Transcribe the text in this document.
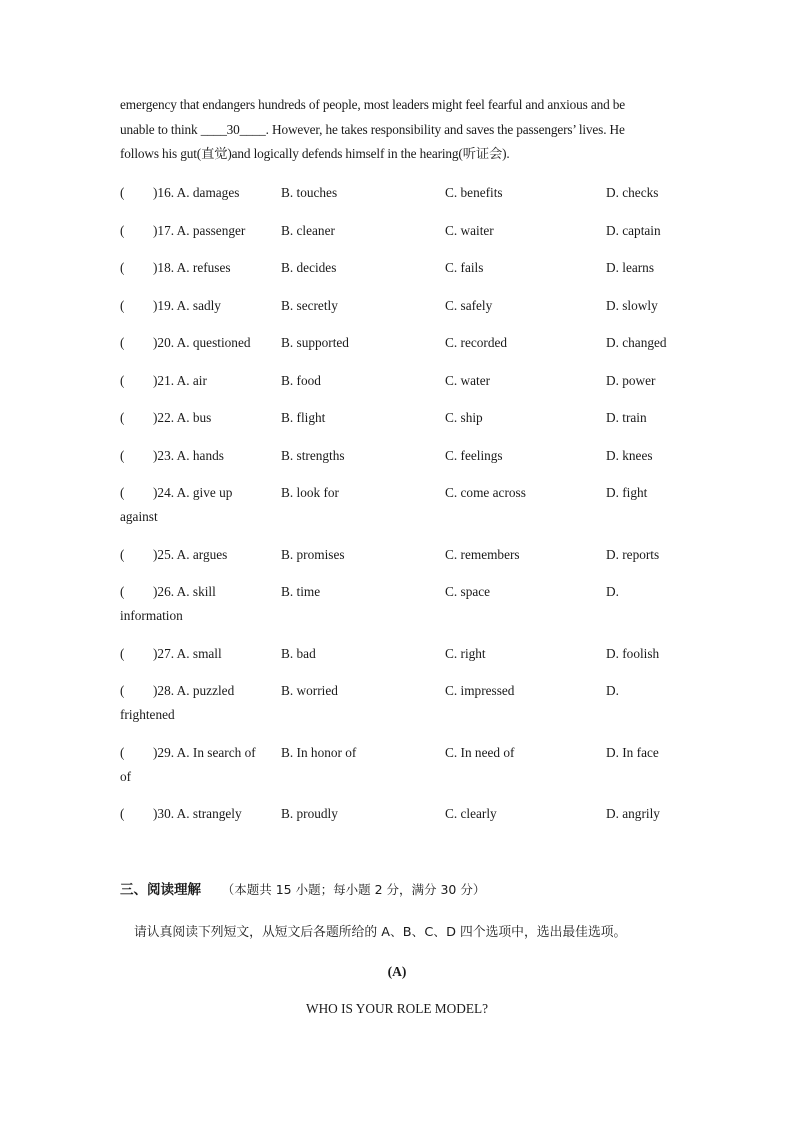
emergency that endangers hundreds of people, most leaders might feel fearful and anxious and be

unable to think ____30____. However, he takes responsibility and saves the passengers’ lives. He

follows his gut(直觉)and logically defends himself in the hearing(听证会).

( )16. A. damages	B. touches	C. benefits	D. checks
( )17. A. passenger	B. cleaner	C. waiter	D. captain
( )18. A. refuses	B. decides	C. fails	D. learns
( )19. A. sadly	B. secretly	C. safely	D. slowly
( )20. A. questioned B. supported	C. recorded	D. changed
( )21. A. air	B. food	C. water	D. power
( )22. A. bus	B. flight	C. ship	D. train
( )23. A. hands	B. strengths	C. feelings	D. knees
( )24. A. give up	B. look for	C. come across	D. fight
against
( )25. A. argues	B. promises	C. remembers	D. reports
( )26. A. skill	B. time	C. space	D.
information
( )27. A. small	B. bad	C. right	D. foolish
( )28. A. puzzled	B. worried	C. impressed	D.
frightened
( )29. A. In search of B. In honor of	C. In need of	D. In face
of
( )30. A. strangely	B. proudly	C. clearly	D. angrily
三、阅读理解 （本题共 15 小题；每小题 2 分，满分 30 分）
请认真阅读下列短文，从短文后各题所给的 A、B、C、D 四个选项中，选出最佳选项。
(A)
WHO IS YOUR ROLE MODEL?
